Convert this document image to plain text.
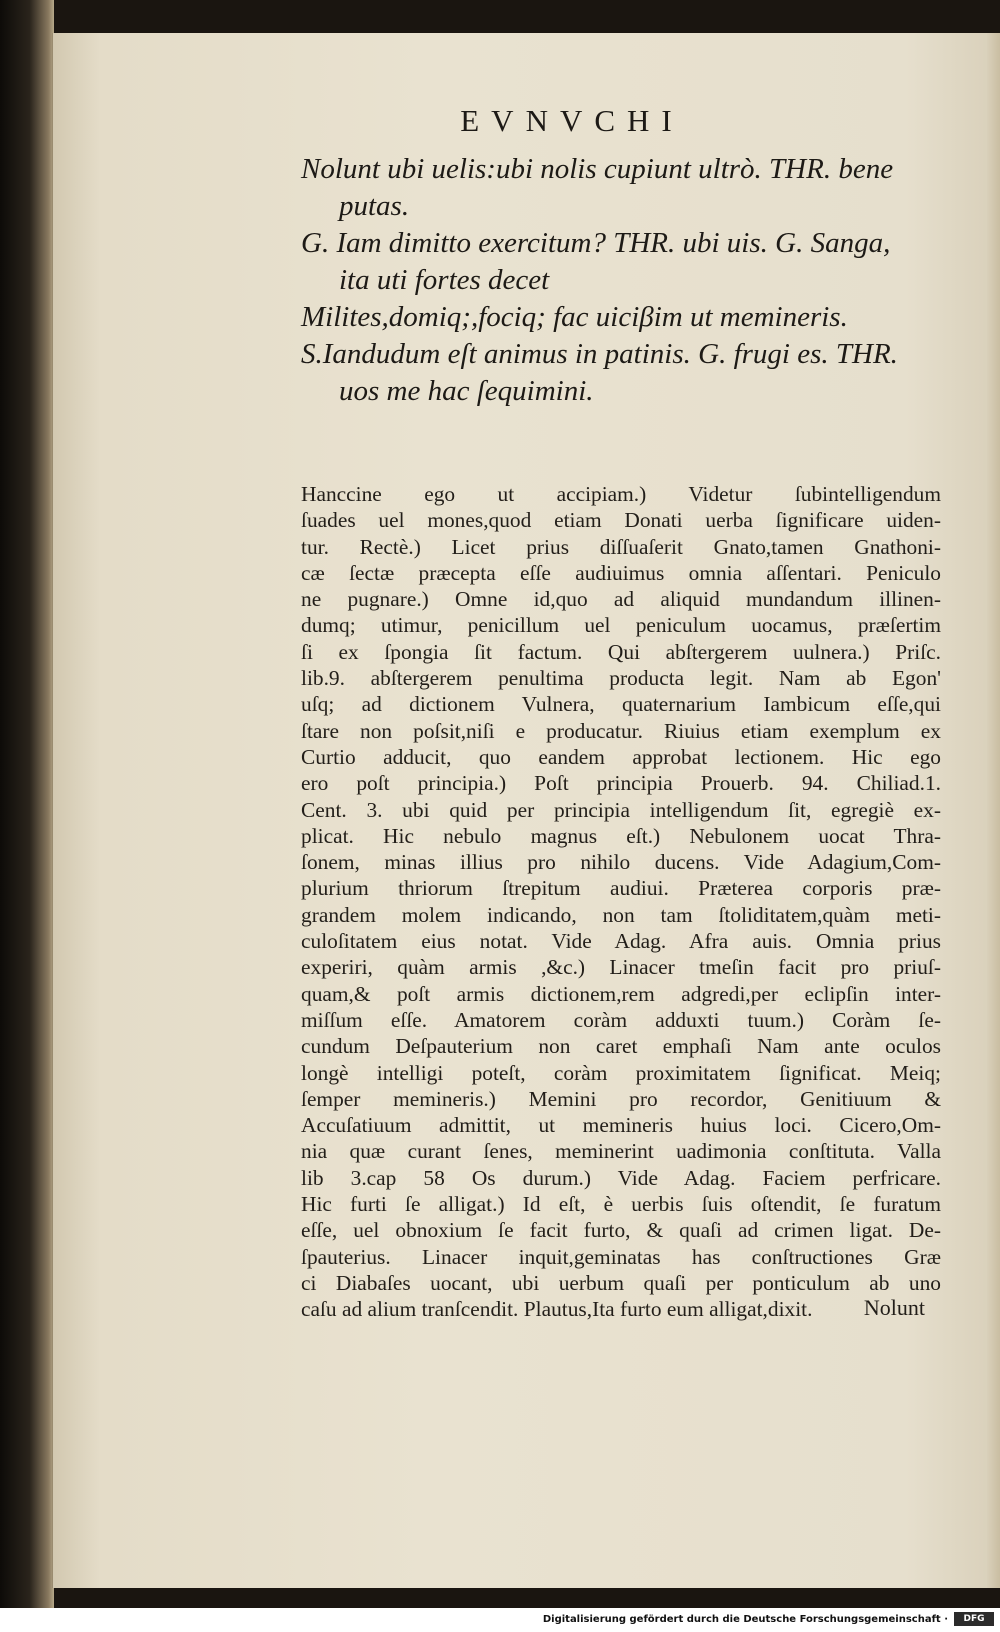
EVNVCHI
Nolunt ubi uelis:ubi nolis cupiunt ultrò. THR. bene
putas.
G. Iam dimitto exercitum? THR. ubi uis. G. Sanga,
ita uti fortes decet
Milites,domiq;,fociq; fac uiciβim ut memineris.
S.Iandudum eſt animus in patinis. G. frugi es. THR.
uos me hac ſequimini.
Hanccine ego ut accipiam.) Videtur ſubintelligendum
ſuades uel mones,quod etiam Donati uerba ſignificare uiden-
tur. Rectè.) Licet prius diſſuaſerit Gnato,tamen Gnathoni-
cæ ſectæ præcepta eſſe audiuimus omnia aſſentari. Peniculo
ne pugnare.) Omne id,quo ad aliquid mundandum illinen-
dumq; utimur, penicillum uel peniculum uocamus, præſertim
ſi ex ſpongia ſit factum. Qui abſtergerem uulnera.) Priſc.
lib.9. abſtergerem penultima producta legit. Nam ab Egon'
uſq; ad dictionem Vulnera, quaternarium Iambicum eſſe,qui
ſtare non poſsit,niſi e producatur. Riuius etiam exemplum ex
Curtio adducit, quo eandem approbat lectionem. Hic ego
ero poſt principia.) Poſt principia Prouerb. 94. Chiliad.1.
Cent. 3. ubi quid per principia intelligendum ſit, egregiè ex-
plicat. Hic nebulo magnus eſt.) Nebulonem uocat Thra-
ſonem, minas illius pro nihilo ducens. Vide Adagium,Com-
plurium thriorum ſtrepitum audiui. Præterea corporis præ-
grandem molem indicando, non tam ſtoliditatem,quàm meti-
culoſitatem eius notat. Vide Adag. Afra auis. Omnia prius
experiri, quàm armis ,&c.) Linacer tmeſin facit pro priuſ-
quam,& poſt armis dictionem,rem adgredi,per eclipſin inter-
miſſum eſſe. Amatorem coràm adduxti tuum.) Coràm ſe-
cundum Deſpauterium non caret emphaſi Nam ante oculos
longè intelligi poteſt, coràm proximitatem ſignificat. Meiq;
ſemper memineris.) Memini pro recordor, Genitiuum &
Accuſatiuum admittit, ut memineris huius loci. Cicero,Om-
nia quæ curant ſenes, meminerint uadimonia conſtituta. Valla
lib 3.cap 58 Os durum.) Vide Adag. Faciem perfricare.
Hic furti ſe alligat.) Id eſt, è uerbis ſuis oſtendit, ſe furatum
eſſe, uel obnoxium ſe facit furto, & quaſi ad crimen ligat. De-
ſpauterius. Linacer inquit,geminatas has conſtructiones Græ
ci Diabaſes uocant, ubi uerbum quaſi per ponticulum ab uno
caſu ad alium tranſcendit. Plautus,Ita furto eum alligat,dixit.	Nolunt
Digitalisierung gefördert durch die Deutsche Forschungsgemeinschaft ·	DFG
